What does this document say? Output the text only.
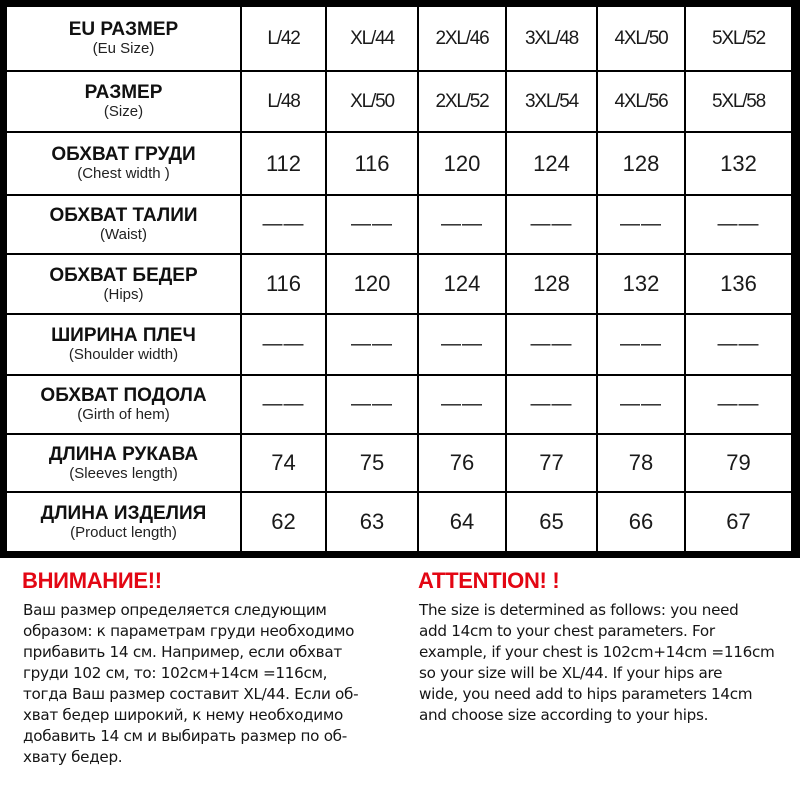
EU РАЗМЕР
(Eu Size)	L/42	XL/44	2XL/46	3XL/48	4XL/50	5XL/52

РАЗМЕР
(Size)	L/48	XL/50	2XL/52	3XL/54	4XL/56	5XL/58

ОБХВАТ ГРУДИ
(Chest width )	112	116	120	124	128	132

ОБХВАТ ТАЛИИ
(Waist)	——	——	——	——	——	——

ОБХВАТ БЕДЕР
(Hips)	116	120	124	128	132	136

ШИРИНА ПЛЕЧ
(Shoulder width)	——	——	——	——	——	——

ОБХВАТ ПОДОЛА
(Girth of hem)	——	——	——	——	——	——

ДЛИНА РУКАВА
(Sleeves length)	74	75	76	77	78	79

ДЛИНА ИЗДЕЛИЯ
(Product length)	62	63	64	65	66	67
ВНИМАНИЕ!!

Ваш размер определяется следующим
образом: к параметрам груди необходимо
прибавить 14 см. Например, если обхват
груди 102 см, то: 102см+14см =116см,
тогда Ваш размер составит XL/44. Если об-
хват бедер широкий, к нему необходимо
добавить 14 см и выбирать размер по об-
хвату бедер.

ATTENTION! !

The size is determined as follows: you need
add 14cm to your chest parameters. For
example, if your chest is 102cm+14cm =116cm
so your size will be XL/44. If your hips are
wide, you need add to hips parameters 14cm
and choose size according to your hips.
